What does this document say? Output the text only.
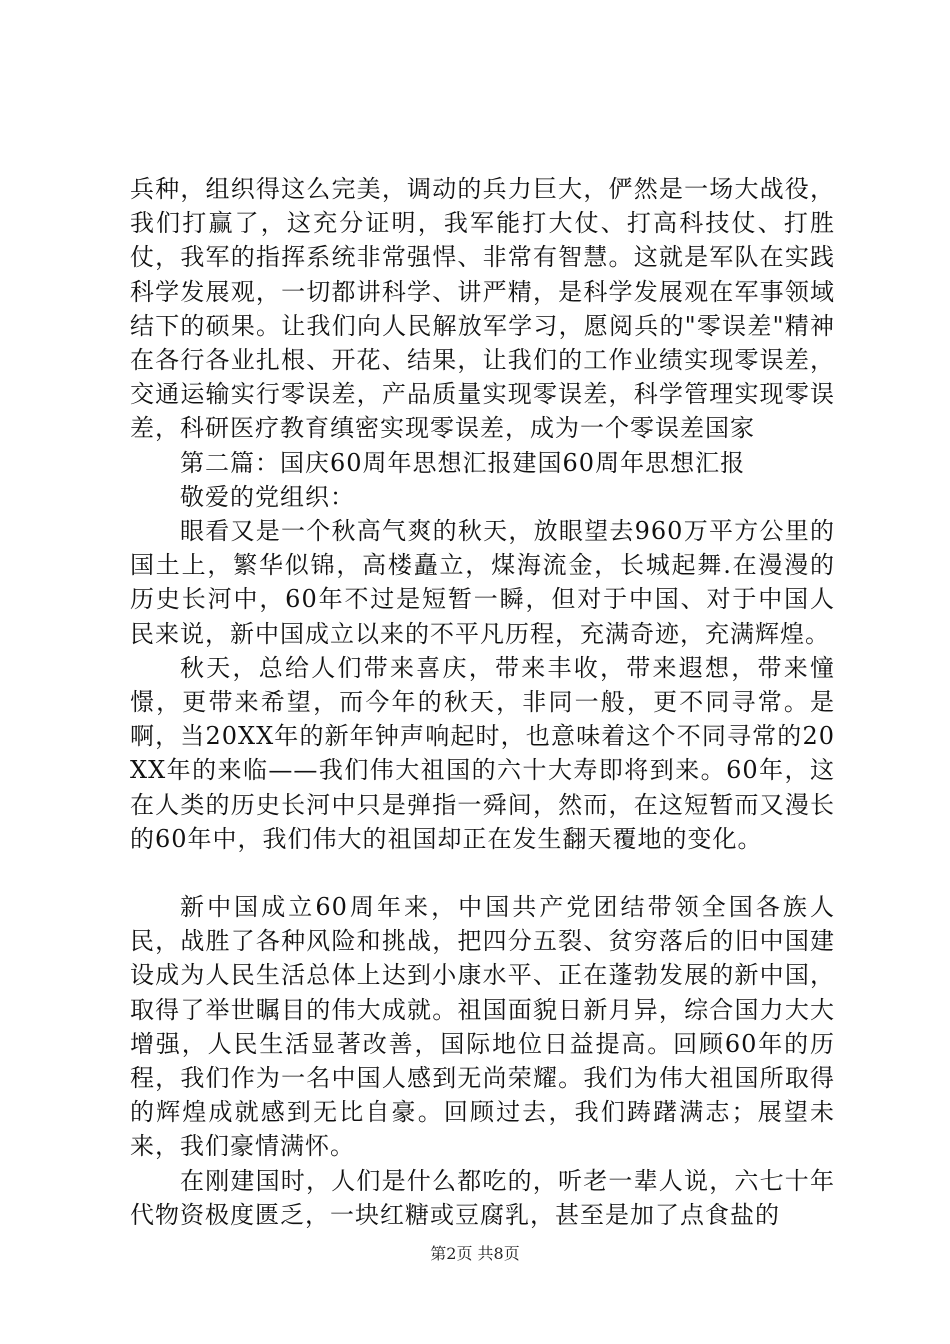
兵种，组织得这么完美，调动的兵力巨大，俨然是一场大战役，我们打赢了，这充分证明，我军能打大仗、打高科技仗、打胜仗，我军的指挥系统非常强悍、非常有智慧。这就是军队在实践科学发展观，一切都讲科学、讲严精，是科学发展观在军事领域结下的硕果。让我们向人民解放军学习，愿阅兵的"零误差"精神在各行各业扎根、开花、结果，让我们的工作业绩实现零误差，交通运输实行零误差，产品质量实现零误差，科学管理实现零误差，科研医疗教育缜密实现零误差，成为一个零误差国家

第二篇：国庆60周年思想汇报建国60周年思想汇报

敬爱的党组织：

眼看又是一个秋高气爽的秋天，放眼望去960万平方公里的国土上，繁华似锦，高楼矗立，煤海流金，长城起舞.在漫漫的历史长河中，60年不过是短暂一瞬，但对于中国、对于中国人民来说，新中国成立以来的不平凡历程，充满奇迹，充满辉煌。

秋天，总给人们带来喜庆，带来丰收，带来遐想，带来憧憬，更带来希望，而今年的秋天，非同一般，更不同寻常。是啊，当20XX年的新年钟声响起时，也意味着这个不同寻常的20XX年的来临——我们伟大祖国的六十大寿即将到来。60年，这在人类的历史长河中只是弹指一舜间，然而，在这短暂而又漫长的60年中，我们伟大的祖国却正在发生翻天覆地的变化。

新中国成立60周年来，中国共产党团结带领全国各族人民，战胜了各种风险和挑战，把四分五裂、贫穷落后的旧中国建设成为人民生活总体上达到小康水平、正在蓬勃发展的新中国，取得了举世瞩目的伟大成就。祖国面貌日新月异，综合国力大大增强，人民生活显著改善，国际地位日益提高。回顾60年的历程，我们作为一名中国人感到无尚荣耀。我们为伟大祖国所取得的辉煌成就感到无比自豪。回顾过去，我们踌躇满志；展望未来，我们豪情满怀。

在刚建国时，人们是什么都吃的，听老一辈人说，六七十年代物资极度匮乏，一块红糖或豆腐乳，甚至是加了点食盐的

第2页 共8页
